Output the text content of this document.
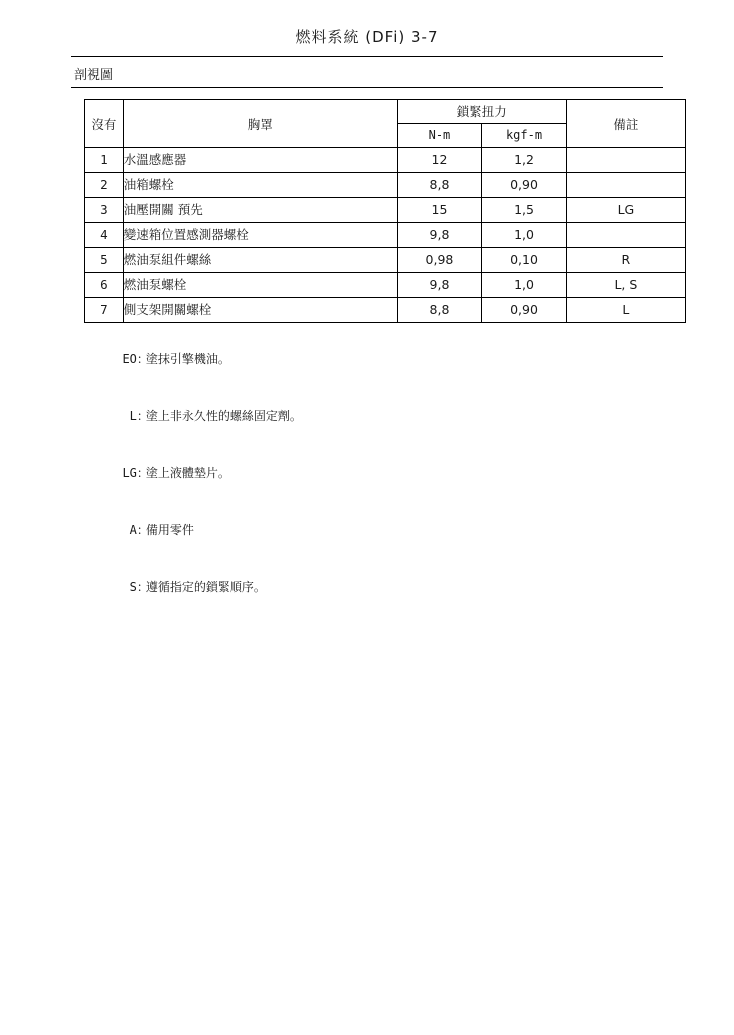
燃料系統 (DFi) 3-7
剖視圖
沒有	胸罩	鎖緊扭力		備註
		N-m	kgf-m	
1	水溫感應器	12	1,2	
2	油箱螺栓	8,8	0,90	
3	油壓開關 預先	15	1,5	LG
4	變速箱位置感測器螺栓	9,8	1,0	
5	燃油泵組件螺絲	0,98	0,10	R
6	燃油泵螺栓	9,8	1,0	L, S
7	側支架開關螺栓	8,8	0,90	L

EO：塗抹引擎機油。

L：塗上非永久性的螺絲固定劑。

LG：塗上液體墊片。

A：備用零件

S：遵循指定的鎖緊順序。
